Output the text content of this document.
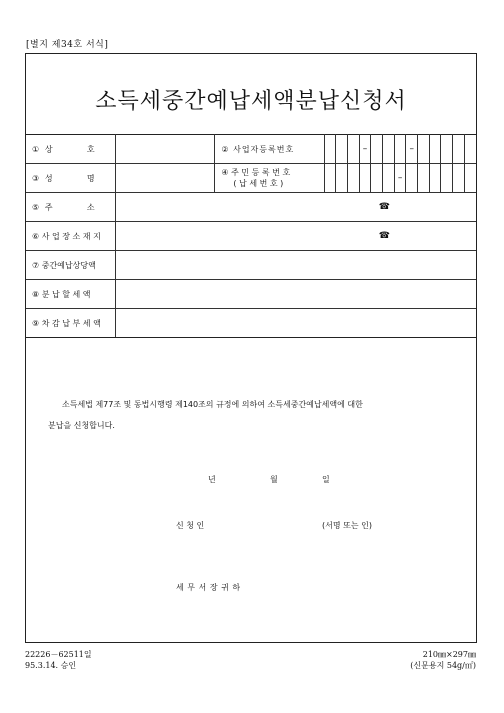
[별지 제34호 서식]
소득세중간예납세액분납신청서
① 상 호		② 사업자등록번호				–				–					
③ 성 명		④ 주 민 등 록 번 호
( 납 세 번 호 )							–						
⑤ 주 소	☎														
⑥ 사 업 장 소 재 지	☎														
⑦ 중간예납상당액															
⑧ 분 납 할 세 액															
⑨ 차 감 납 부 세 액															
소득세법 제77조 및 동법시행령 제140조의 규정에 의하여 소득세중간예납세액에 대한
분납을 신청합니다.
년	월	일
신 청 인	(서명 또는 인)
세 무 서 장 귀 하
22226－62511일
95.3.14. 승인
210㎜×297㎜
(신문용지 54g/㎡)
